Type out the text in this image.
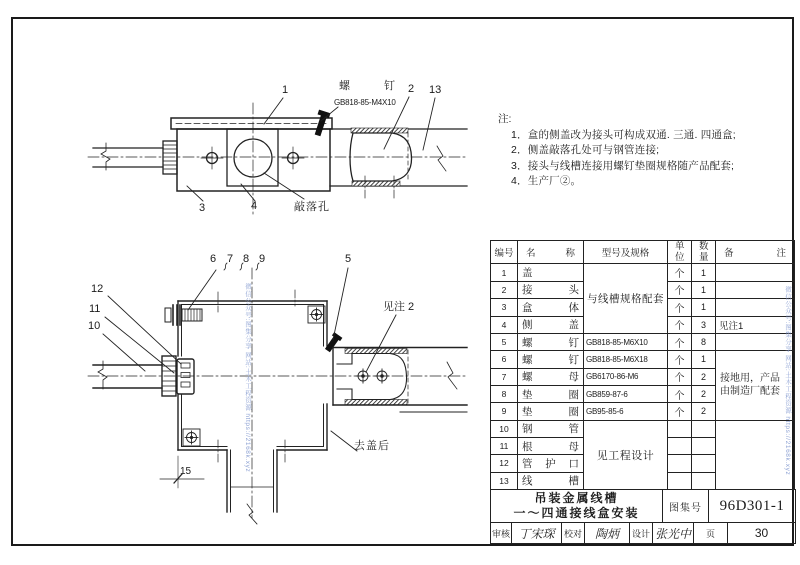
1	螺	钉
GB818-85-M4X10
2 13
3	4	敲落孔
6 7 8 9
12
11
10
5
见注 2
去盖后
15
注:
1．盒的侧盖改为接头可构成双通. 三通. 四通盒;
2．侧盖敲落孔处可与钢管连接;
3．接头与线槽连接用螺钉垫圈规格随产品配套;
4．生产厂②。
编号	名 称	型号及规格	单位	数量	备 注
1	盖	与线槽规格配套	个	1	
2	接头		个	1	
3	盒体		个	1	
4	侧盖		个	3	见注1
5	螺钉	GB818-85-M6X10	个	8	
6	螺钉	GB818-85-M6X18	个	1	接地用，产品
由制造厂配套

7	螺母	GB6170-86-M6	个	2	
8	垫圈	GB859-87-6	个	2	
9	垫圈	GB95-85-6	个	2	
10	钢管	见工程设计			
11	根母				
12	管护口				
13	线槽				
吊装金属线槽
一～四通接线盒安装	图集号	96D301-1
审核 丁宋琛	校对	陶炳	设计 张光中	页	30
微信公众号:图集分享 网站:土木工程资源 https://2168k.xyz	微信公众号:图集分享 网站:土木工程资源 https://2168k.xyz
